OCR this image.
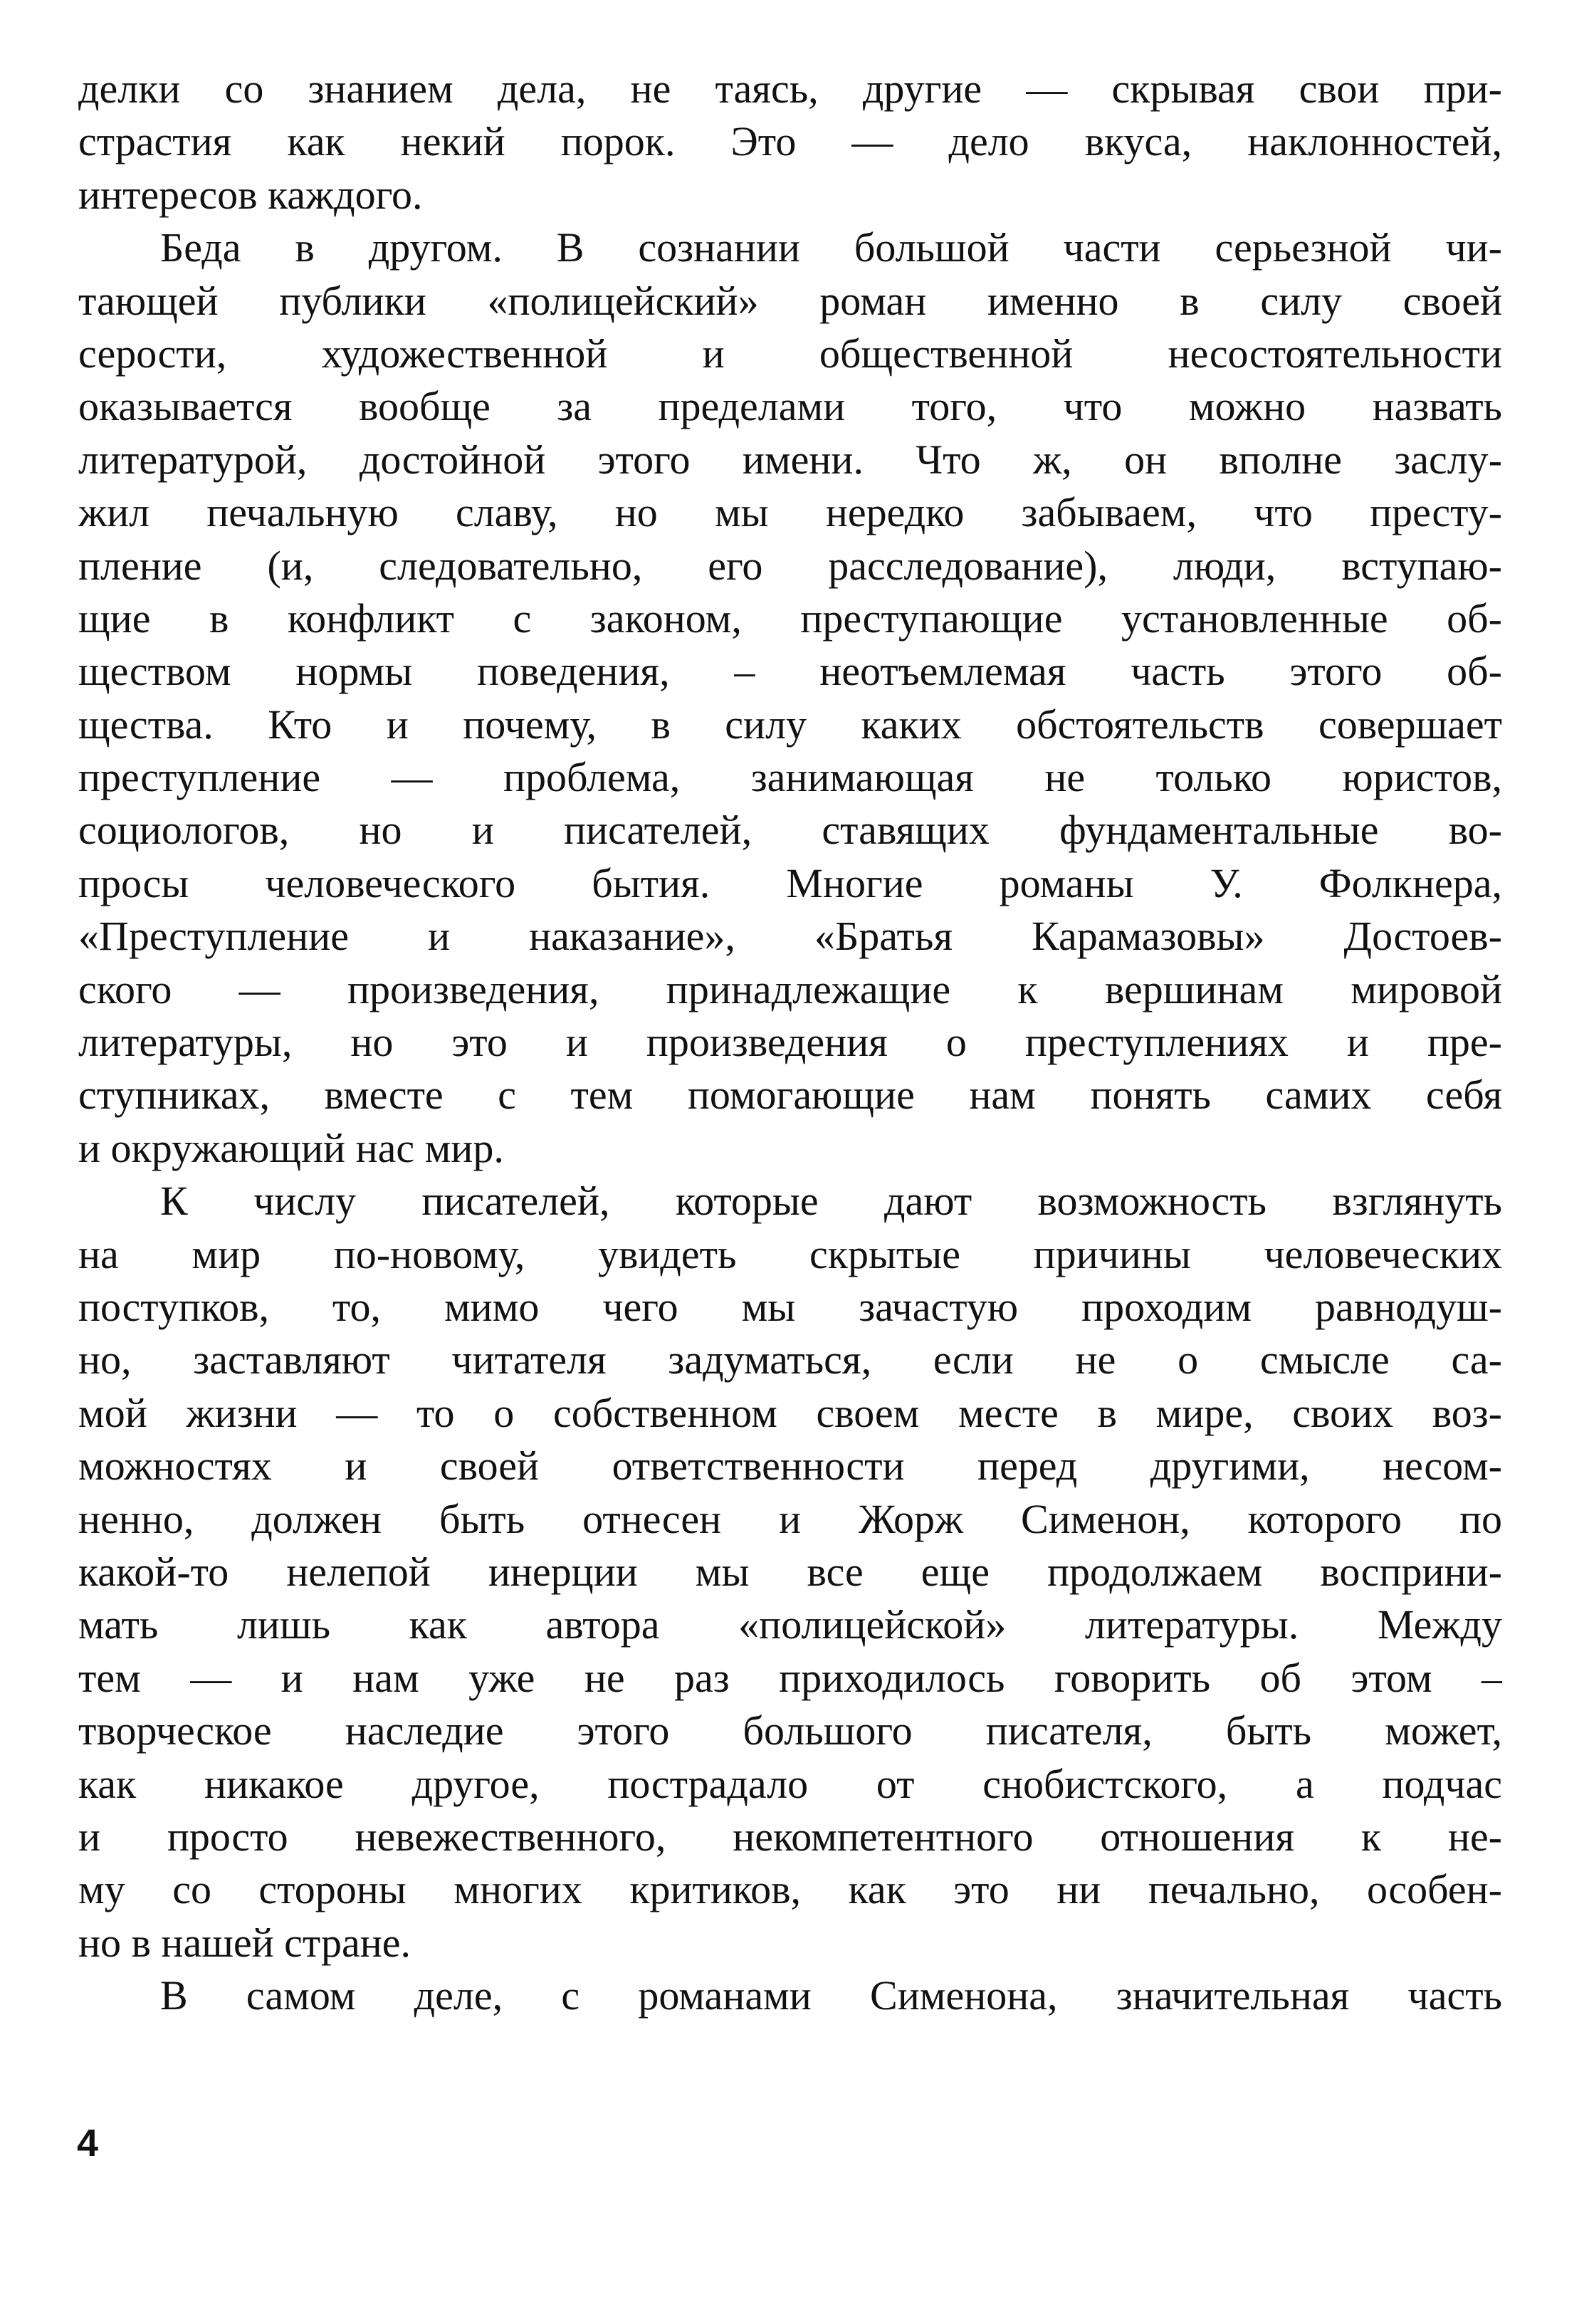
делки со знанием дела, не таясь, другие — скрывая свои при-
страстия как некий порок. Это — дело вкуса, наклонностей,
интересов каждого.
Беда в другом. В сознании большой части серьезной чи-
тающей публики «полицейский» роман именно в силу своей
серости, художественной и общественной несостоятельности
оказывается вообще за пределами того, что можно назвать
литературой, достойной этого имени. Что ж, он вполне заслу-
жил печальную славу, но мы нередко забываем, что престу-
пление (и, следовательно, его расследование), люди, вступаю-
щие в конфликт с законом, преступающие установленные об-
ществом нормы поведения, – неотъемлемая часть этого об-
щества. Кто и почему, в силу каких обстоятельств совершает
преступление — проблема, занимающая не только юристов,
социологов, но и писателей, ставящих фундаментальные во-
просы человеческого бытия. Многие романы У. Фолкнера,
«Преступление и наказание», «Братья Карамазовы» Достоев-
ского — произведения, принадлежащие к вершинам мировой
литературы, но это и произведения о преступлениях и пре-
ступниках, вместе с тем помогающие нам понять самих себя
и окружающий нас мир.
К числу писателей, которые дают возможность взглянуть
на мир по-новому, увидеть скрытые причины человеческих
поступков, то, мимо чего мы зачастую проходим равнодуш-
но, заставляют читателя задуматься, если не о смысле са-
мой жизни — то о собственном своем месте в мире, своих воз-
можностях и своей ответственности перед другими, несом-
ненно, должен быть отнесен и Жорж Сименон, которого по
какой-то нелепой инерции мы все еще продолжаем восприни-
мать лишь как автора «полицейской» литературы. Между
тем — и нам уже не раз приходилось говорить об этом –
творческое наследие этого большого писателя, быть может,
как никакое другое, пострадало от снобистского, а подчас
и просто невежественного, некомпетентного отношения к не-
му со стороны многих критиков, как это ни печально, особен-
но в нашей стране.
В самом деле, с романами Сименона, значительная часть
4
